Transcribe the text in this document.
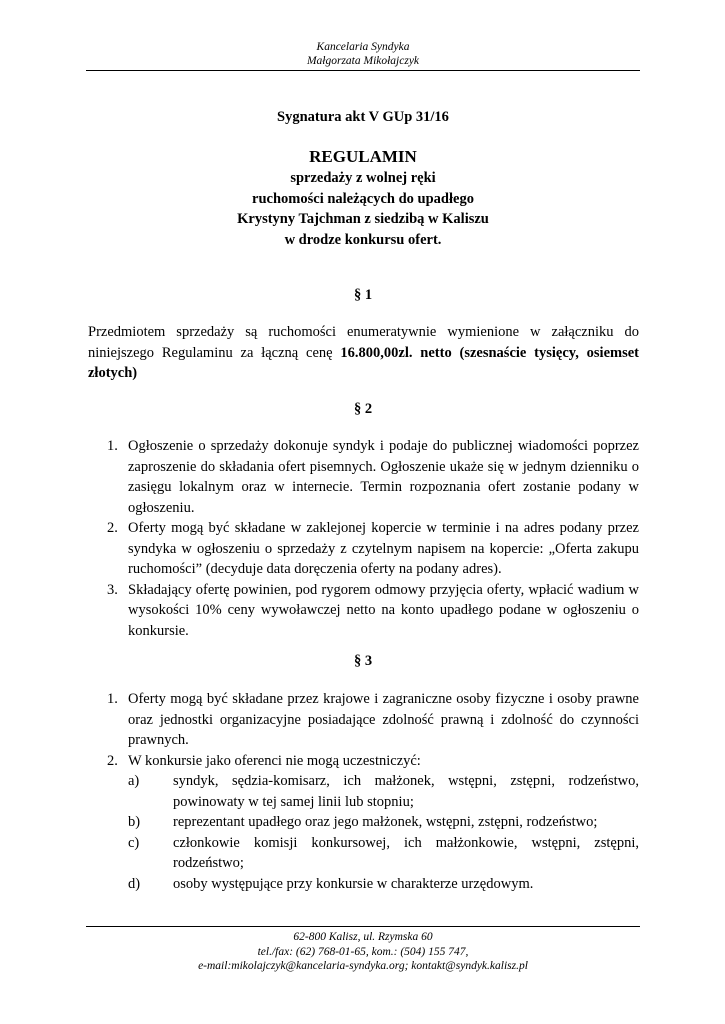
Kancelaria Syndyka
Małgorzata Mikołajczyk
Sygnatura akt V GUp 31/16
REGULAMIN
sprzedaży z wolnej ręki
ruchomości należących do upadłego
Krystyny Tajchman z siedzibą w Kaliszu
w drodze konkursu ofert.
§ 1

Przedmiotem sprzedaży są ruchomości enumeratywnie wymienione w załączniku do niniejszego Regulaminu za łączną cenę 16.800,00zl. netto (szesnaście tysięcy, osiemset złotych)

§ 2
1. Ogłoszenie o sprzedaży dokonuje syndyk i podaje do publicznej wiadomości poprzez zaproszenie do składania ofert pisemnych. Ogłoszenie ukaże się w jednym dzienniku o zasięgu lokalnym oraz w internecie. Termin rozpoznania ofert zostanie podany w ogłoszeniu.
2. Oferty mogą być składane w zaklejonej kopercie w terminie i na adres podany przez syndyka w ogłoszeniu o sprzedaży z czytelnym napisem na kopercie: „Oferta zakupu ruchomości” (decyduje data doręczenia oferty na podany adres).
3. Składający ofertę powinien, pod rygorem odmowy przyjęcia oferty, wpłacić wadium w wysokości 10% ceny wywoławczej netto na konto upadłego podane w ogłoszeniu o konkursie.
§ 3
1. Oferty mogą być składane przez krajowe i zagraniczne osoby fizyczne i osoby prawne oraz jednostki organizacyjne posiadające zdolność prawną i zdolność do czynności prawnych.
2. W konkursie jako oferenci nie mogą uczestniczyć:
a) syndyk, sędzia-komisarz, ich małżonek, wstępni, zstępni, rodzeństwo, powinowaty w tej samej linii lub stopniu;
b) reprezentant upadłego oraz jego małżonek, wstępni, zstępni, rodzeństwo;
c) członkowie komisji konkursowej, ich małżonkowie, wstępni, zstępni, rodzeństwo;
d) osoby występujące przy konkursie w charakterze urzędowym.
62-800 Kalisz, ul. Rzymska 60
tel./fax: (62) 768-01-65, kom.: (504) 155 747,
e-mail:mikolajczyk@kancelaria-syndyka.org; kontakt@syndyk.kalisz.pl
